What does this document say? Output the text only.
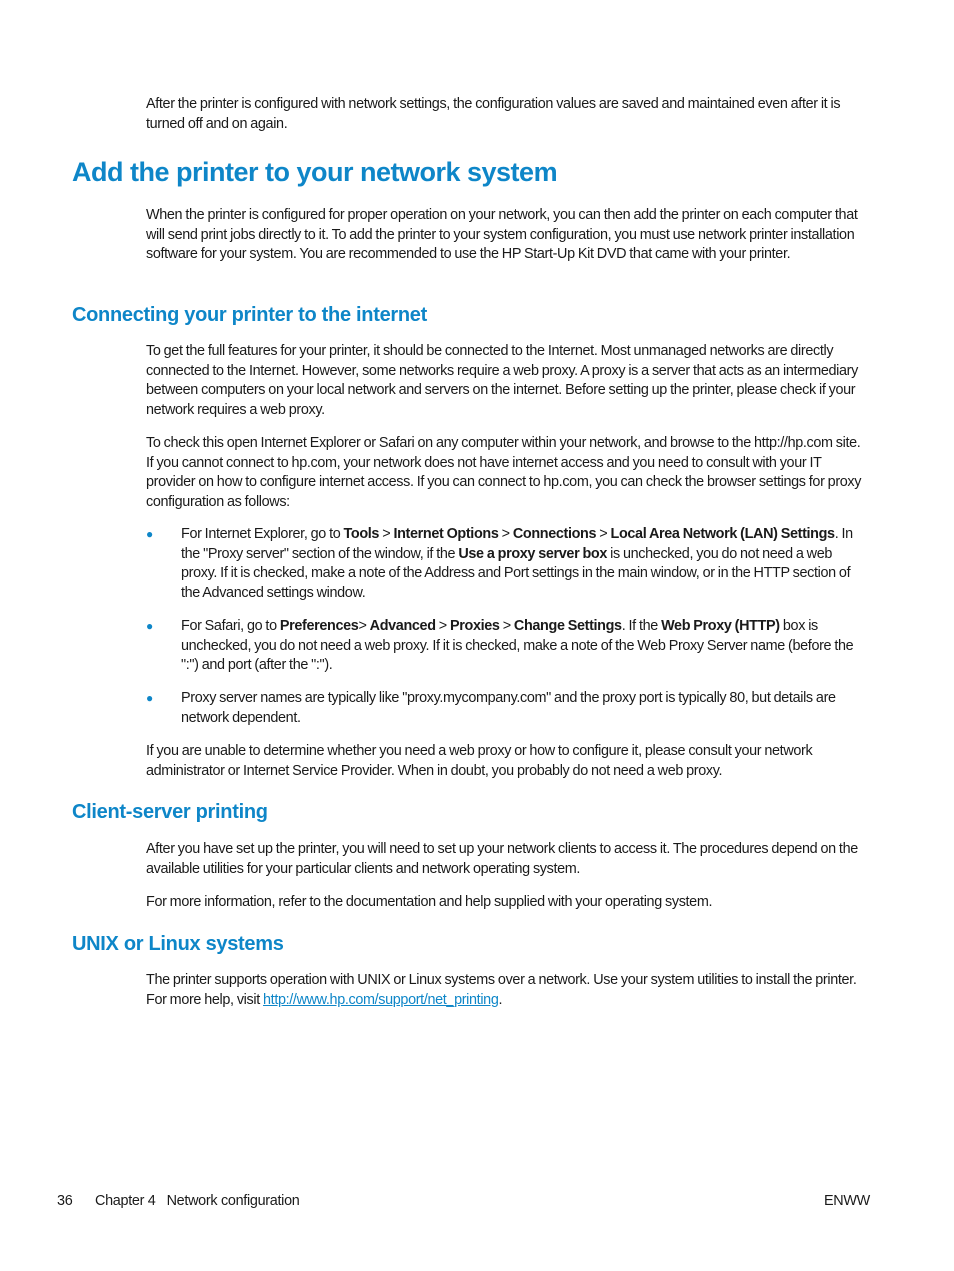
After the printer is configured with network settings, the configuration values are saved and maintained even after it is turned off and on again.

Add the printer to your network system

When the printer is configured for proper operation on your network, you can then add the printer on each computer that will send print jobs directly to it. To add the printer to your system configuration, you must use network printer installation software for your system. You are recommended to use the HP Start-Up Kit DVD that came with your printer.

Connecting your printer to the internet

To get the full features for your printer, it should be connected to the Internet. Most unmanaged networks are directly connected to the Internet. However, some networks require a web proxy. A proxy is a server that acts as an intermediary between computers on your local network and servers on the internet. Before setting up the printer, please check if your network requires a web proxy.

To check this open Internet Explorer or Safari on any computer within your network, and browse to the http://hp.com site. If you cannot connect to hp.com, your network does not have internet access and you need to consult with your IT provider on how to configure internet access. If you can connect to hp.com, you can check the browser settings for proxy configuration as follows:

● For Internet Explorer, go to Tools > Internet Options > Connections > Local Area Network (LAN) Settings. In the "Proxy server" section of the window, if the Use a proxy server box is unchecked, you do not need a web proxy. If it is checked, make a note of the Address and Port settings in the main window, or in the HTTP section of the Advanced settings window.
● For Safari, go to Preferences> Advanced > Proxies > Change Settings. If the Web Proxy (HTTP) box is unchecked, you do not need a web proxy. If it is checked, make a note of the Web Proxy Server name (before the ":") and port (after the ":").
● Proxy server names are typically like "proxy.mycompany.com" and the proxy port is typically 80, but details are network dependent.

If you are unable to determine whether you need a web proxy or how to configure it, please consult your network administrator or Internet Service Provider. When in doubt, you probably do not need a web proxy.

Client-server printing

After you have set up the printer, you will need to set up your network clients to access it. The procedures depend on the available utilities for your particular clients and network operating system.

For more information, refer to the documentation and help supplied with your operating system.

UNIX or Linux systems

The printer supports operation with UNIX or Linux systems over a network. Use your system utilities to install the printer. For more help, visit http://www.hp.com/support/net_printing.

36 Chapter 4   Network configuration	ENWW
